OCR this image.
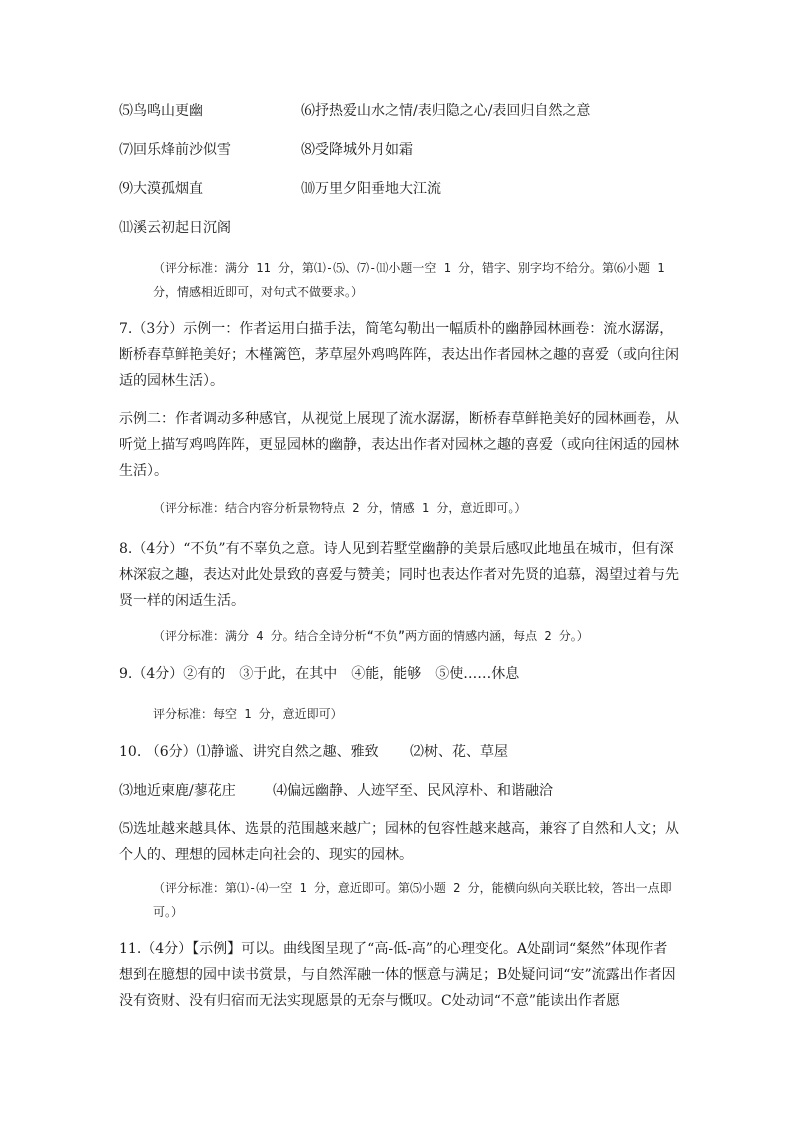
⑸鸟鸣山更幽	⑹抒热爱山水之情/表归隐之心/表回归自然之意
⑺回乐烽前沙似雪	⑻受降城外月如霜
⑼大漠孤烟直	⑽万里夕阳垂地大江流
⑾溪云初起日沉阁
（评分标准：满分 11 分，第⑴-⑸、⑺-⑾小题一空 1 分，错字、别字均不给分。第⑹小题 1 分，情感相近即可，对句式不做要求。）
7.（3分）示例一：作者运用白描手法，简笔勾勒出一幅质朴的幽静园林画卷：流水潺潺，断桥春草鲜艳美好；木槿篱笆，茅草屋外鸡鸣阵阵，表达出作者园林之趣的喜爱（或向往闲适的园林生活）。
示例二：作者调动多种感官，从视觉上展现了流水潺潺，断桥春草鲜艳美好的园林画卷，从听觉上描写鸡鸣阵阵，更显园林的幽静，表达出作者对园林之趣的喜爱（或向往闲适的园林生活）。
（评分标准：结合内容分析景物特点 2 分，情感 1 分，意近即可。）
8.（4分）“不负”有不辜负之意。诗人见到若墅堂幽静的美景后感叹此地虽在城市，但有深林深寂之趣，表达对此处景致的喜爱与赞美；同时也表达作者对先贤的追慕，渴望过着与先贤一样的闲适生活。
（评分标准：满分 4 分。结合全诗分析“不负”两方面的情感内涵，每点 2 分。）
9.（4分）②有的　③于此，在其中　④能，能够　⑤使……休息
评分标准：每空 1 分，意近即可）
10. （6分）⑴静谧、讲究自然之趣、雅致 ⑵树、花、草屋
⑶地近柬鹿/蓼花庄	⑷偏远幽静、人迹罕至、民风淳朴、和谐融洽
⑸选址越来越具体、选景的范围越来越广；园林的包容性越来越高，兼容了自然和人文；从个人的、理想的园林走向社会的、现实的园林。
（评分标准：第⑴-⑷一空 1 分，意近即可。第⑸小题 2 分，能横向纵向关联比较，答出一点即可。）
11.（4分）【示例】可以。曲线图呈现了“高-低-高”的心理变化。A处副词“粲然”体现作者想到在臆想的园中读书赏景，与自然浑融一体的惬意与满足；B处疑问词“安”流露出作者因没有资财、没有归宿而无法实现愿景的无奈与慨叹。C处动词“不意”能读出作者愿
